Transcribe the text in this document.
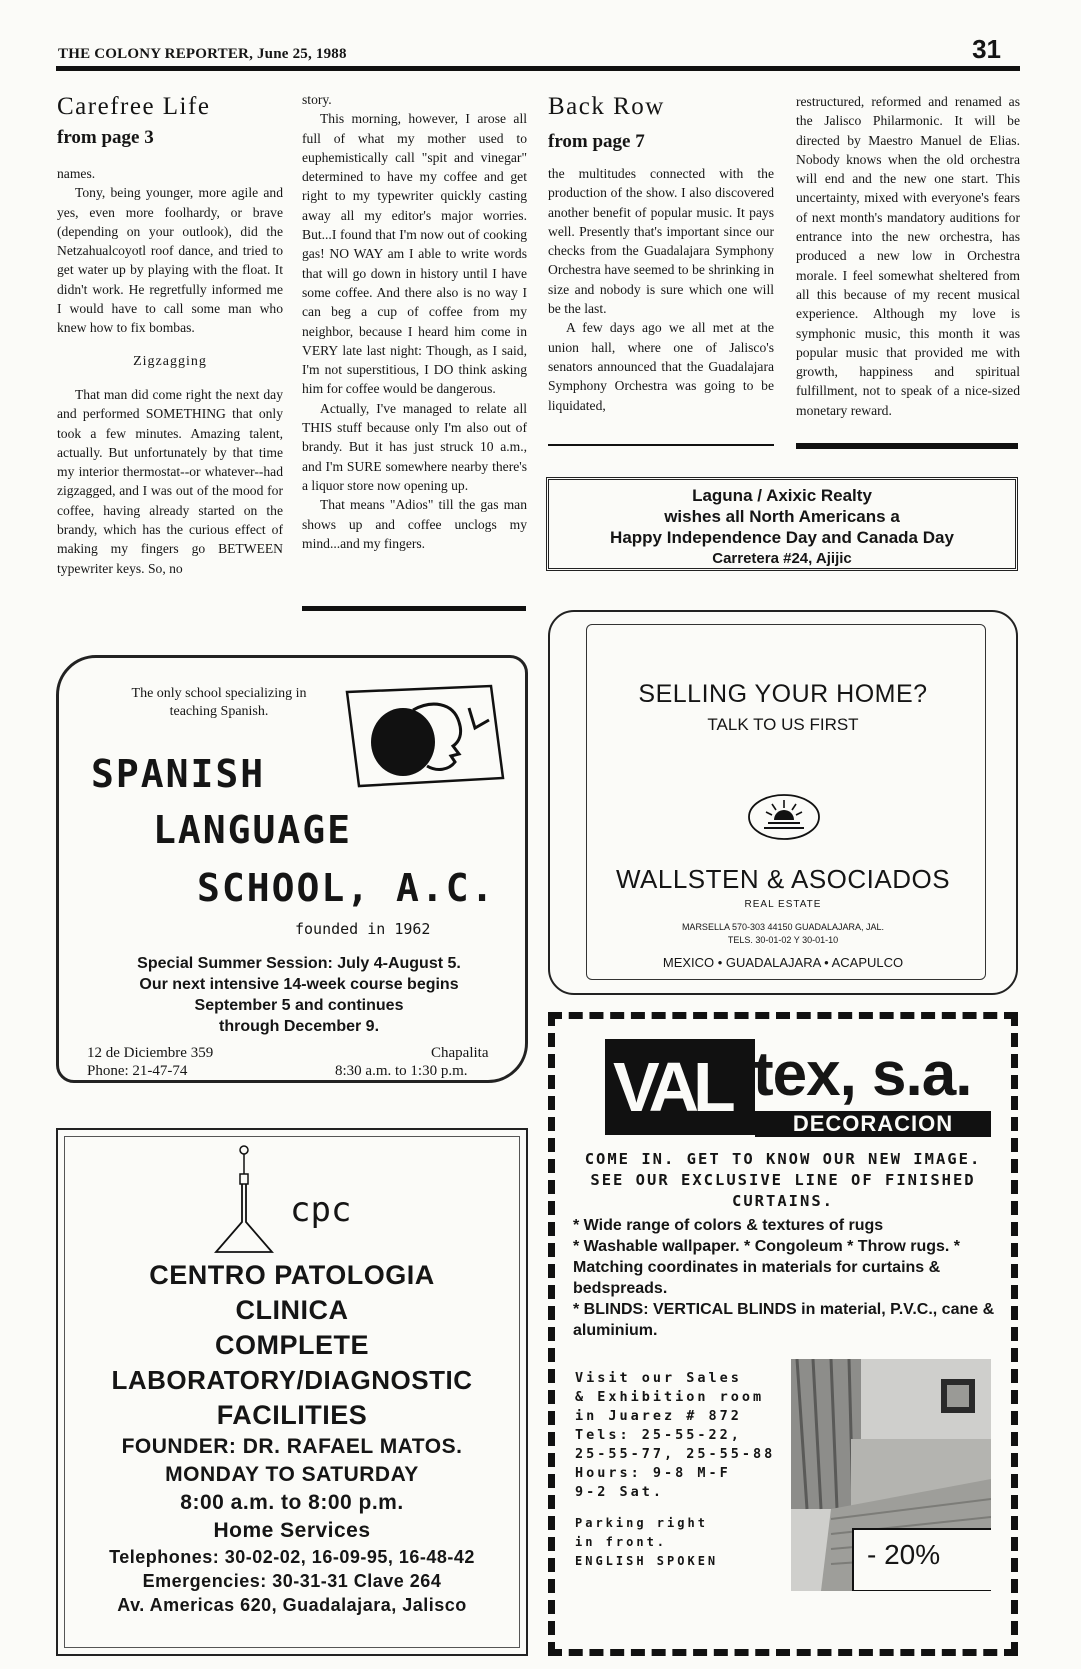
THE COLONY REPORTER, June 25, 1988	31
Carefree Life
from page 3

names.

Tony, being younger, more agile and yes, even more foolhardy, or brave (depending on your outlook), did the Netzahualcoyotl roof dance, and tried to get water up by playing with the float. It didn't work. He regretfully informed me I would have to call some man who knew how to fix bombas.

Zigzagging

That man did come right the next day and performed SOMETHING that only took a few minutes. Amazing talent, actually. But unfortunately by that time my interior thermostat--or whatever--had zigzagged, and I was out of the mood for coffee, having already started on the brandy, which has the curious effect of making my fingers go BETWEEN typewriter keys. So, no

story.

This morning, however, I arose all full of what my mother used to euphemistically call "spit and vinegar" determined to have my coffee and get right to my typewriter quickly casting away all my editor's major worries. But...I found that I'm now out of cooking gas! NO WAY am I able to write words that will go down in history until I have some coffee. And there also is no way I can beg a cup of coffee from my neighbor, because I heard him come in VERY late last night: Though, as I said, I'm not superstitious, I DO think asking him for coffee would be dangerous.

Actually, I've managed to relate all THIS stuff because only I'm also out of brandy. But it has just struck 10 a.m., and I'm SURE somewhere nearby there's a liquor store now opening up.

That means "Adios" till the gas man shows up and coffee unclogs my mind...and my fingers.

Back Row
from page 7

the multitudes connected with the production of the show. I also discovered another benefit of popular music. It pays well. Presently that's important since our checks from the Guadalajara Symphony Orchestra have seemed to be shrinking in size and nobody is sure which one will be the last.

A few days ago we all met at the union hall, where one of Jalisco's senators announced that the Guadalajara Symphony Orchestra was going to be liquidated,

restructured, reformed and renamed as the Jalisco Philarmonic. It will be directed by Maestro Manuel de Elias. Nobody knows when the old orchestra will end and the new one start. This uncertainty, mixed with everyone's fears of next month's mandatory auditions for entrance into the new orchestra, has produced a new low in Orchestra morale. I feel somewhat sheltered from all this because of my recent musical experience. Although my love is symphonic music, this month it was popular music that provided me with growth, happiness and spiritual fulfillment, not to speak of a nice-sized monetary reward.

Laguna / Axixic Realty
wishes all North Americans a
Happy Independence Day and Canada Day
Carretera #24, Ajijic
The only school specializing in teaching Spanish.
SPANISH
LANGUAGE
SCHOOL, A.C.
founded in 1962
Special Summer Session: July 4-August 5.
Our next intensive 14-week course begins
September 5 and continues
through December 9.
12 de Diciembre 359	Chapalita
Phone: 21-47-74	8:30 a.m. to 1:30 p.m.
SELLING YOUR HOME?
TALK TO US FIRST
WALLSTEN & ASOCIADOS
REAL ESTATE
MARSELLA 570-303 44150 GUADALAJARA, JAL.
TELS. 30-01-02 Y 30-01-10
MEXICO • GUADALAJARA • ACAPULCO
cpc
CENTRO PATOLOGIA
CLINICA
COMPLETE
LABORATORY/DIAGNOSTIC
FACILITIES
FOUNDER: DR. RAFAEL MATOS.
MONDAY TO SATURDAY
8:00 a.m. to 8:00 p.m.
Home Services
Telephones: 30-02-02, 16-09-95, 16-48-42
Emergencies: 30-31-31 Clave 264
Av. Americas 620, Guadalajara, Jalisco
VAL tex, s.a.
DECORACION
COME IN. GET TO KNOW OUR NEW IMAGE. SEE OUR EXCLUSIVE LINE OF FINISHED CURTAINS.
* Wide range of colors & textures of rugs
* Washable wallpaper. * Congoleum * Throw rugs. * Matching coordinates in materials for curtains & bedspreads.
* BLINDS: VERTICAL BLINDS in material, P.V.C., cane & aluminium.
Visit our Sales
& Exhibition room
in Juarez # 872
Tels: 25-55-22,
25-55-77, 25-55-88
Hours: 9-8 M-F
9-2 Sat.
Parking right
in front.
ENGLISH SPOKEN	- 20%
